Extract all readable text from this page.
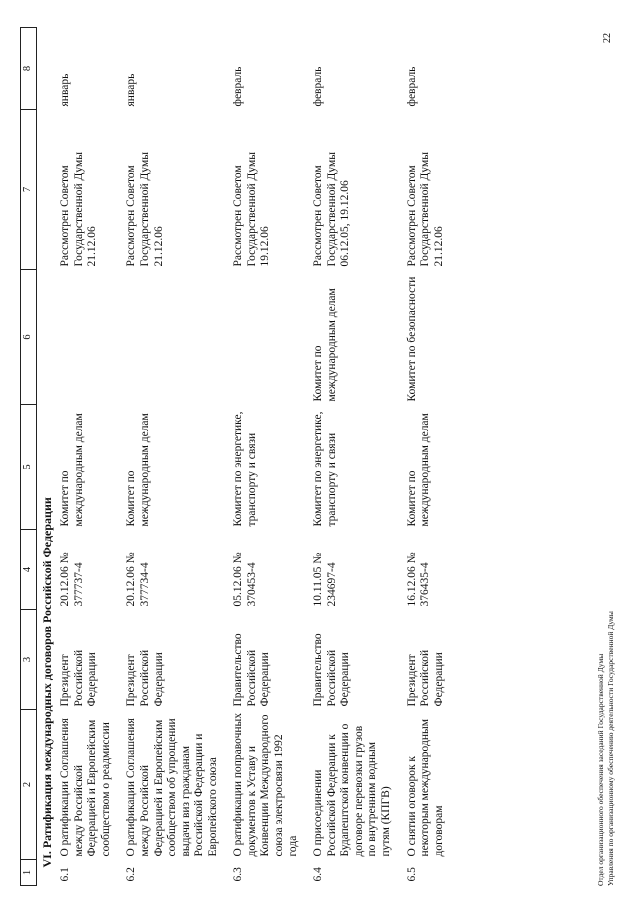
1	2	3	4	5	6	7	8
VI. Ратификация международных договоров Российской Федерации							
6.1	О ратификации Соглашения между Российской Федерацией и Европейским сообществом о реадмиссии	Президент Российской Федерации	20.12.06 № 377737-4	Комитет по международным делам		Рассмотрен Советом Государственной Думы 21.12.06	январь
6.2	О ратификации Соглашения между Российской Федерацией и Европейским сообществом об упрощении выдачи виз гражданам Российской Федерации и Европейского союза	Президент Российской Федерации	20.12.06 № 377734-4	Комитет по международным делам		Рассмотрен Советом Государственной Думы 21.12.06	январь
6.3	О ратификации поправочных документов к Уставу и Конвенции Международного союза электросвязи 1992 года	Правительство Российской Федерации	05.12.06 № 370453-4	Комитет по энергетике, транспорту и связи		Рассмотрен Советом Государственной Думы 19.12.06	февраль
6.4	О присоединении Российской Федерации к Будапештской конвенции о договоре перевозки грузов по внутренним водным путям (КПГВ)	Правительство Российской Федерации	10.11.05 № 234697-4	Комитет по энергетике, транспорту и связи	Комитет по международным делам	Рассмотрен Советом Государственной Думы 06.12.05, 19.12.06	февраль
6.5	О снятии оговорок к некоторым международным договорам	Президент Российской Федерации	16.12.06 № 376435-4	Комитет по международным делам	Комитет по безопасности	Рассмотрен Советом Государственной Думы 21.12.06	февраль
Отдел организационного обеспечения заседаний Государственной Думы Управления по организационному обеспечению деятельности Государственной Думы
22
